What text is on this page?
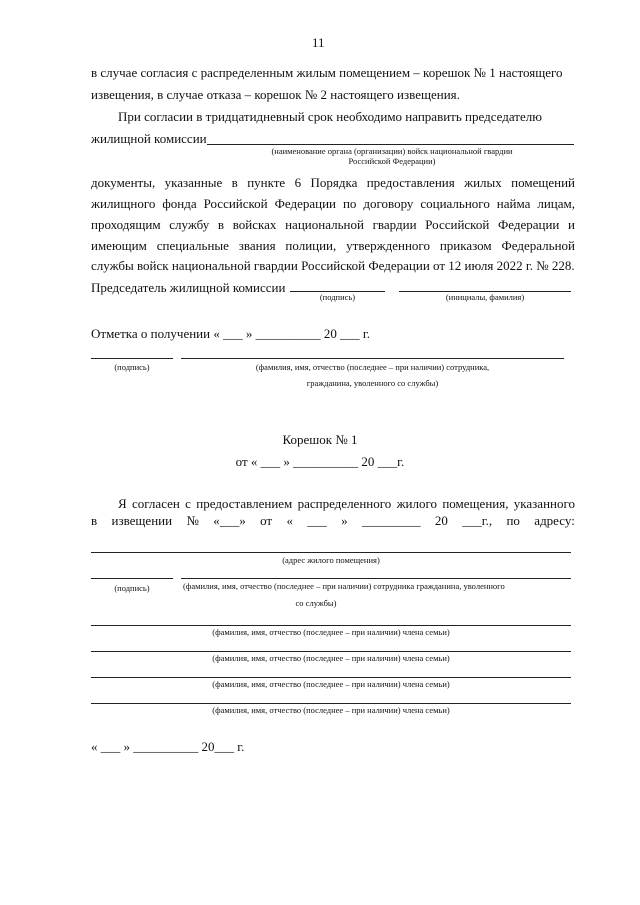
11
в случае согласия с распределенным жилым помещением – корешок № 1 настоящего
извещения, в случае отказа – корешок № 2 настоящего извещения.
При согласии в тридцатидневный срок необходимо направить председателю
жилищной комиссии
(наименование органа (организации) войск национальной гвардии
Российской Федерации)
документы, указанные в пункте 6 Порядка предоставления жилых помещений
жилищного фонда Российской Федерации по договору социального найма лицам,
проходящим службу в войсках национальной гвардии Российской Федерации и
имеющим специальные звания полиции, утвержденного приказом Федеральной
службы войск национальной гвардии Российской Федерации от 12 июля 2022 г. № 228.
Председатель жилищной комиссии
(подпись)	(инициалы, фамилия)
Отметка о получении « ___ » __________ 20 ___ г.
(подпись)	(фамилия, имя, отчество (последнее – при наличии) сотрудника,
гражданина, уволенного со службы)
Корешок № 1
от « ___ » __________ 20 ___г.
Я согласен с предоставлением распределенного жилого помещения, указанного
в извещении № «___» от « ___ » _________ 20 ___г., по адресу:
(адрес жилого помещения)
(подпись)	(фамилия, имя, отчество (последнее – при наличии) сотрудника гражданина, уволенного
со службы)
(фамилия, имя, отчество (последнее – при наличии) члена семьи)
(фамилия, имя, отчество (последнее – при наличии) члена семьи)
(фамилия, имя, отчество (последнее – при наличии) члена семьи)
(фамилия, имя, отчество (последнее – при наличии) члена семьи)
« ___ » __________ 20___ г.
